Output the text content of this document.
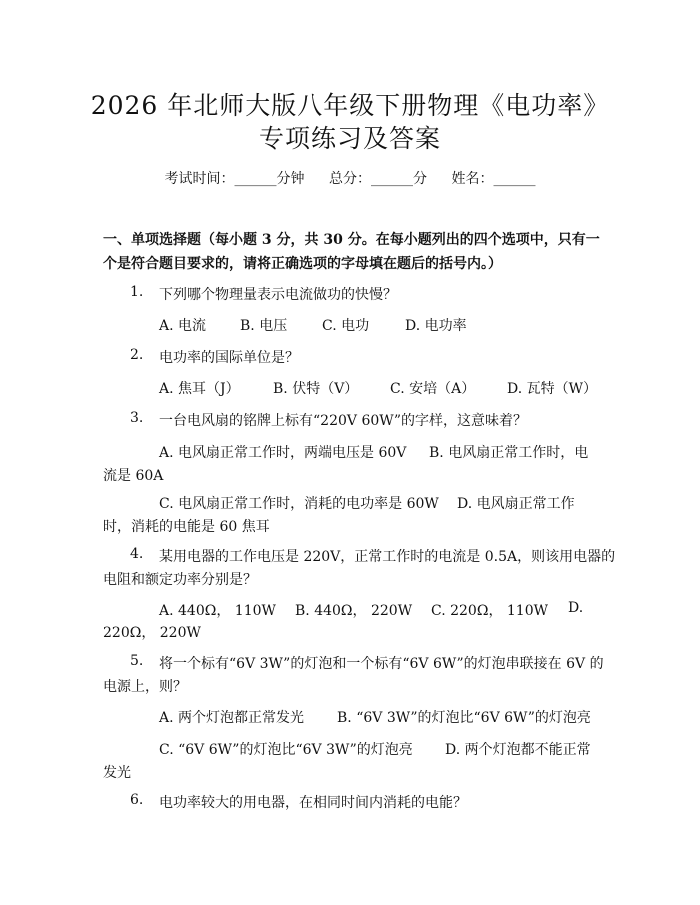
2026 年北师大版八年级下册物理《电功率》
专项练习及答案
考试时间：______分钟 总分：______分 姓名：______
一、单项选择题（每小题 3 分，共 30 分。在每小题列出的四个选项中，只有一个是符合题目要求的，请将正确选项的字母填在题后的括号内。）
1. 下列哪个物理量表示电流做功的快慢？
A. 电流 B. 电压 C. 电功	D. 电功率
2. 电功率的国际单位是？
A. 焦耳（J） B. 伏特（V） C. 安培（A） D. 瓦特（W）
3. 一台电风扇的铭牌上标有“220V 60W”的字样，这意味着？
A. 电风扇正常工作时，两端电压是 60V B. 电风扇正常工作时，电
流是 60A
C. 电风扇正常工作时，消耗的电功率是 60W D. 电风扇正常工作
时，消耗的电能是 60 焦耳
4. 某用电器的工作电压是 220V，正常工作时的电流是 0.5A，则该用电器的
电阻和额定功率分别是？
A. 440Ω， 110W B. 440Ω， 220W C. 220Ω， 110W D.
220Ω， 220W
5. 将一个标有“6V 3W”的灯泡和一个标有“6V 6W”的灯泡串联接在 6V 的
电源上，则？
A. 两个灯泡都正常发光 B. “6V 3W”的灯泡比“6V 6W”的灯泡亮
C. “6V 6W”的灯泡比“6V 3W”的灯泡亮 D. 两个灯泡都不能正常
发光
6. 电功率较大的用电器，在相同时间内消耗的电能？
